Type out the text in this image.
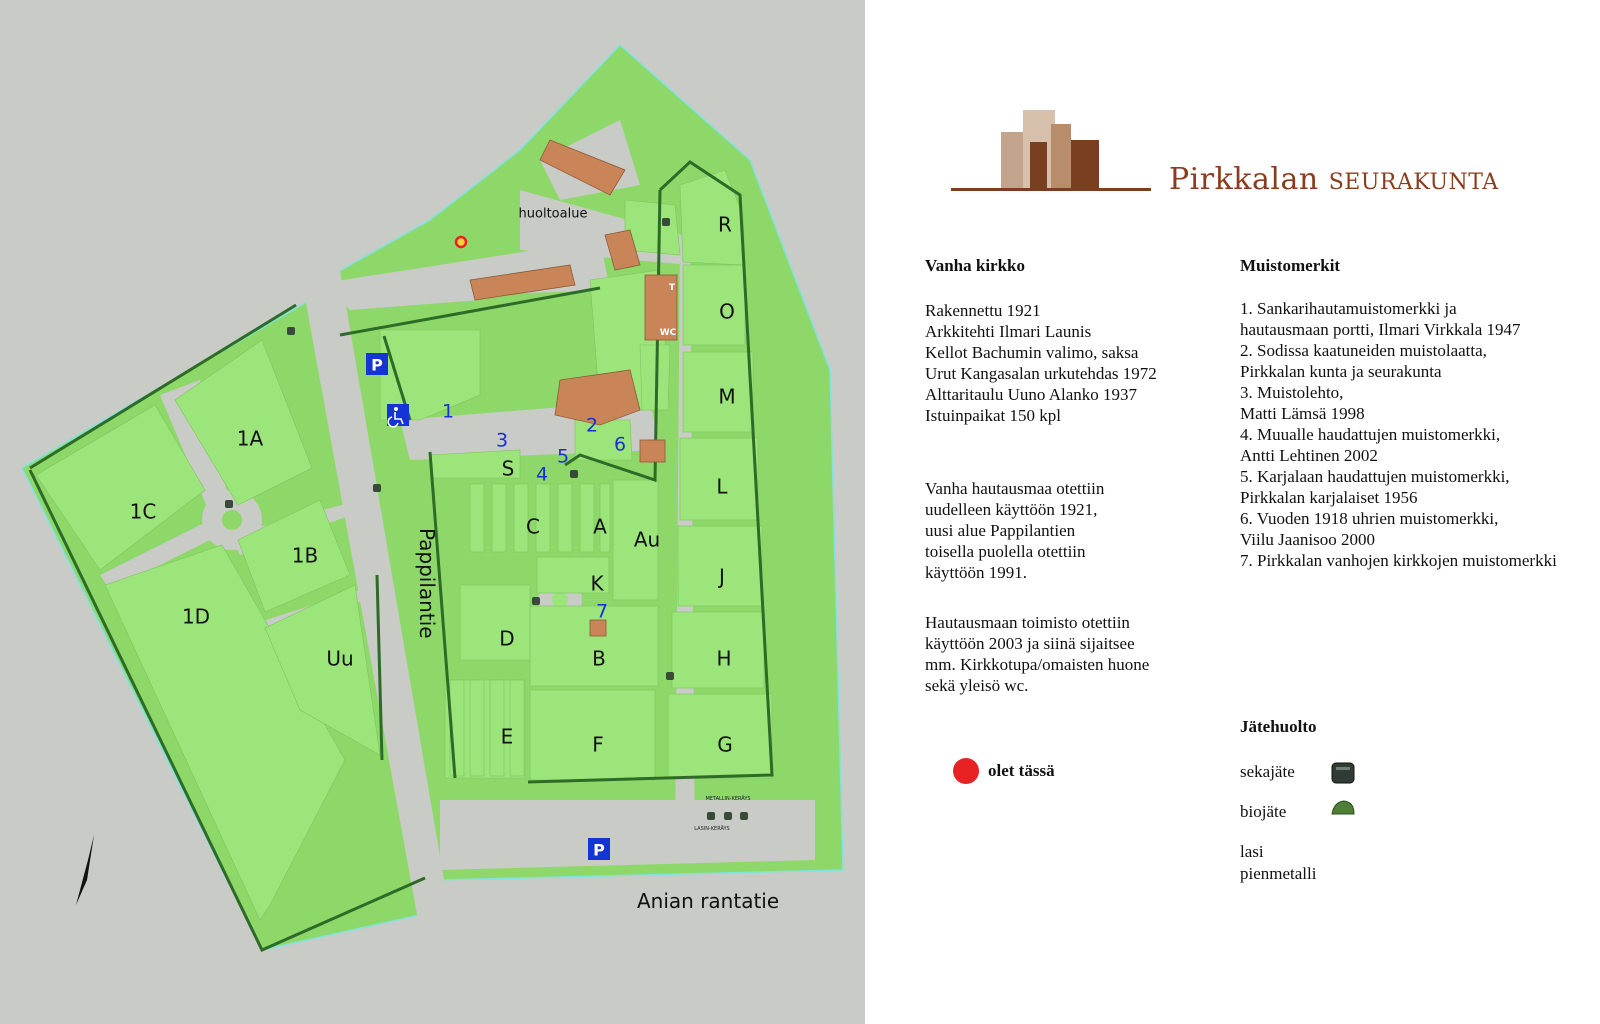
T
WC
P
P
METALLIN-KERÄYS
LASIN-KERÄYS
1A
1B
1C
1D
Uu
R
O
M
L
J
H
G
S
C	A
Au
K
D
B
E	F
1
2
3
4
5
6
7
huoltoalue
Anian rantatie
Pappilantie
Pirkkalan SEURAKUNTA
Vanha kirkko
Rakennettu 1921
Arkkitehti Ilmari Launis
Kellot Bachumin valimo, saksa
Urut Kangasalan urkutehdas 1972
Alttaritaulu Uuno Alanko 1937
Istuinpaikat 150 kpl
Vanha hautausmaa otettiin
uudelleen käyttöön 1921,
uusi alue Pappilantien
toisella puolella otettiin
käyttöön 1991.
Hautausmaan toimisto otettiin
käyttöön 2003 ja siinä sijaitsee
mm. Kirkkotupa/omaisten huone
sekä yleisö wc.
Muistomerkit
1. Sankarihautamuistomerkki ja
hautausmaan portti, Ilmari Virkkala 1947
2. Sodissa kaatuneiden muistolaatta,
Pirkkalan kunta ja seurakunta
3. Muistolehto,
Matti Lämsä 1998
4. Muualle haudattujen muistomerkki,
Antti Lehtinen 2002
5. Karjalaan haudattujen muistomerkki,
Pirkkalan karjalaiset 1956
6. Vuoden 1918 uhrien muistomerkki,
Viilu Jaanisoo 2000
7. Pirkkalan vanhojen kirkkojen muistomerkki
olet tässä
Jätehuolto
sekajäte
biojäte
lasi
pienmetalli
